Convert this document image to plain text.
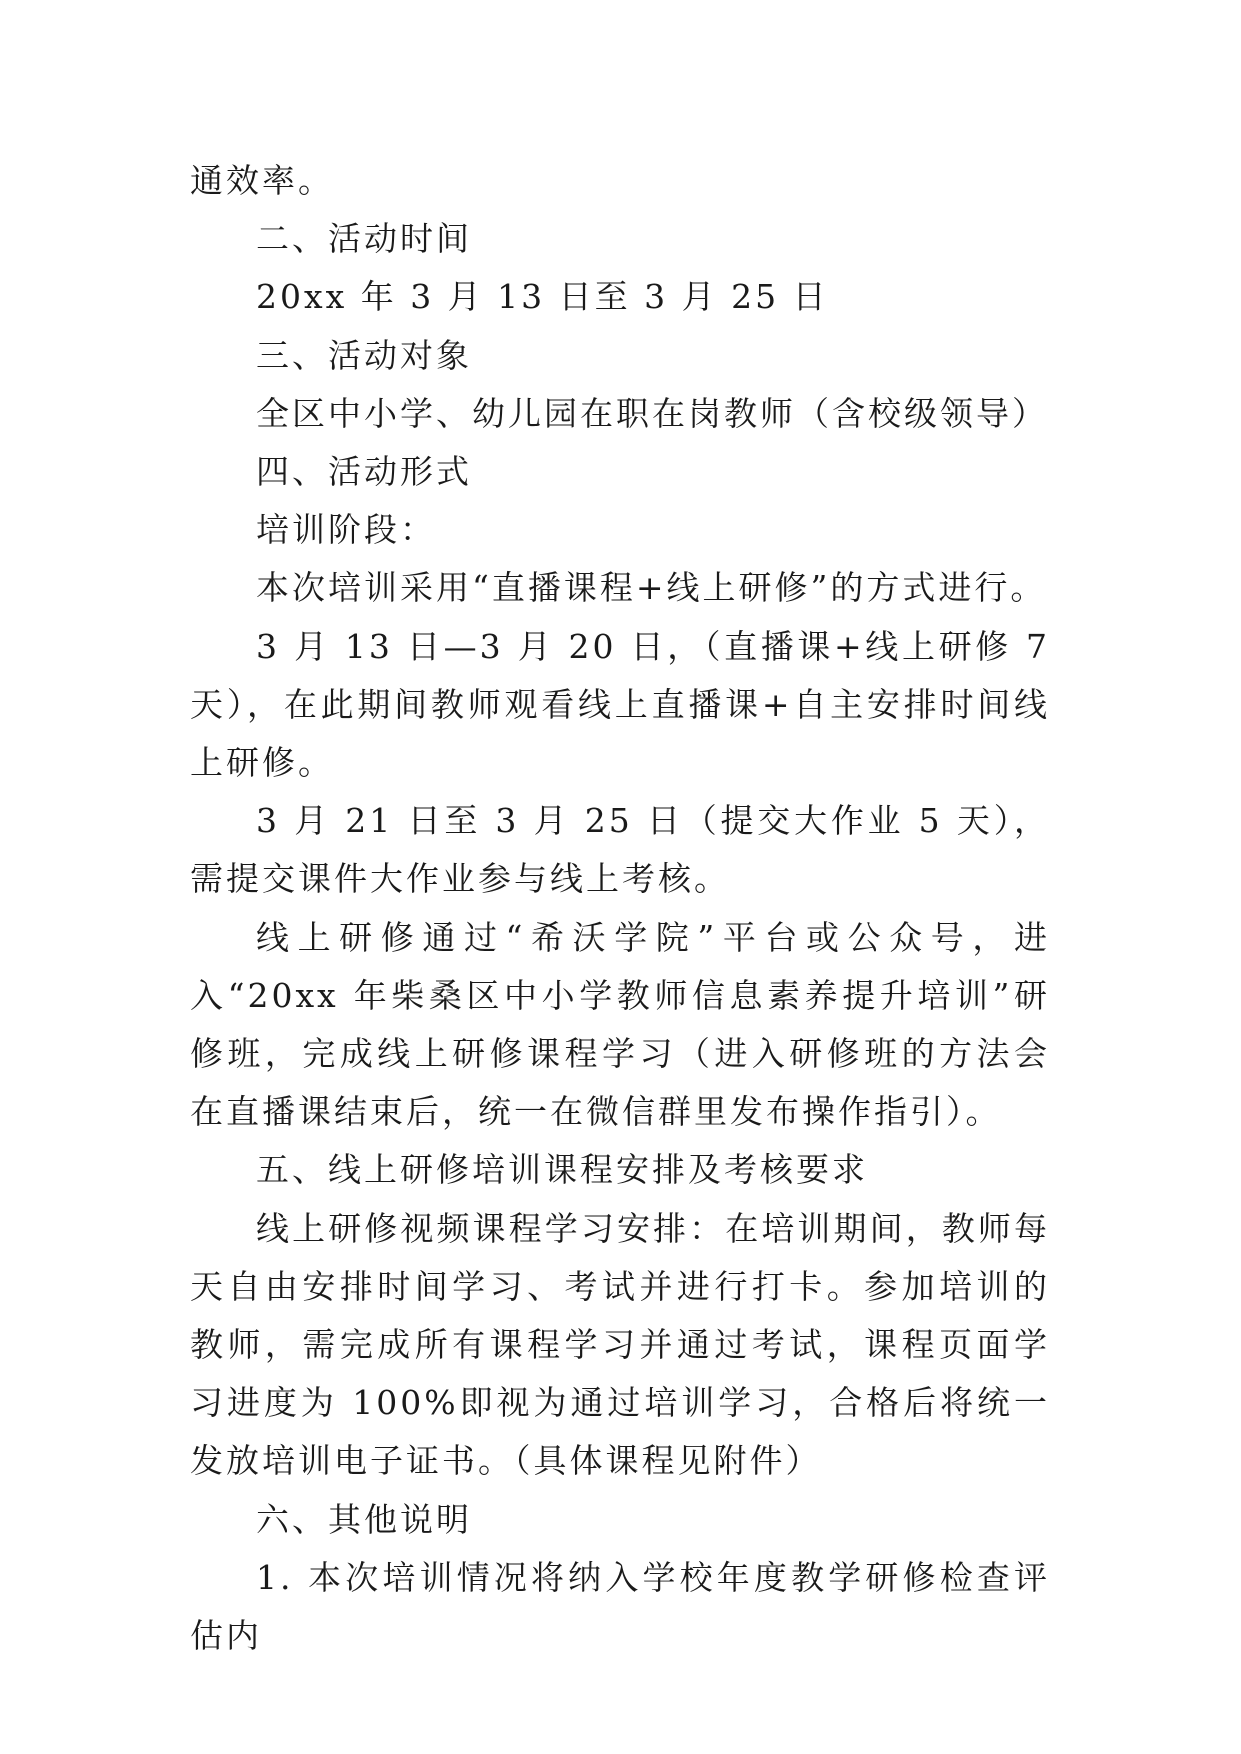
通效率。

二、活动时间

20xx 年 3 月 13 日至 3 月 25 日

三、活动对象

全区中小学、幼儿园在职在岗教师（含校级领导）

四、活动形式

培训阶段：

本次培训采用“直播课程+线上研修”的方式进行。

3 月 13 日—3 月 20 日，（直播课+线上研修 7 天），在此期间教师观看线上直播课+自主安排时间线上研修。

3 月 21 日至 3 月 25 日（提交大作业 5 天），需提交课件大作业参与线上考核。

线上研修通过“希沃学院”平台或公众号，进入“20xx 年柴桑区中小学教师信息素养提升培训”研修班，完成线上研修课程学习（进入研修班的方法会在直播课结束后，统一在微信群里发布操作指引）。

五、线上研修培训课程安排及考核要求

线上研修视频课程学习安排：在培训期间，教师每天自由安排时间学习、考试并进行打卡。参加培训的教师，需完成所有课程学习并通过考试，课程页面学习进度为 100%即视为通过培训学习，合格后将统一发放培训电子证书。（具体课程见附件）

六、其他说明

1. 本次培训情况将纳入学校年度教学研修检查评估内
